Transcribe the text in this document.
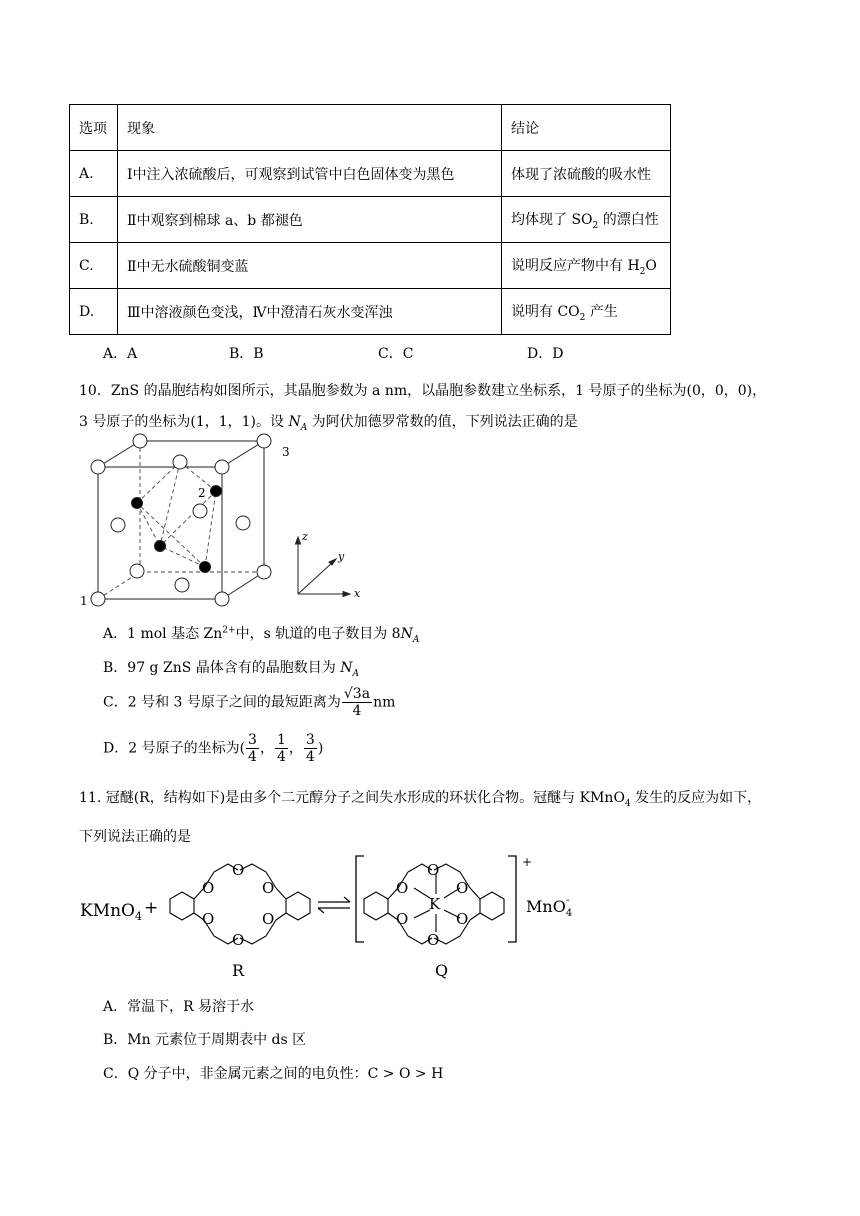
选项	现象	结论
A.	Ⅰ中注入浓硫酸后，可观察到试管中白色固体变为黑色	体现了浓硫酸的吸水性
B.	Ⅱ中观察到棉球 a、b 都褪色	均体现了 $SO_2$ 的漂白性
C.	Ⅱ中无水硫酸铜变蓝	说明反应产物中有 $H_2O$
D.	Ⅲ中溶液颜色变浅，Ⅳ中澄清石灰水变浑浊	说明有 $CO_2$ 产生
A．A	B．B	C．C	D．D
10．ZnS 的晶胞结构如图所示，其晶胞参数为 a nm，以晶胞参数建立坐标系，1 号原子的坐标为(0，0，0)，
3 号原子的坐标为(1，1，1)。设 $N_A$ 为阿伏加德罗常数的值，下列说法正确的是
1
2
3
z
y
x
A．1 mol 基态 $Zn^{2+}$中，s 轨道的电子数目为 $8N_A$
B．97 g ZnS 晶体含有的晶胞数目为 $N_A$
C．2 号和 3 号原子之间的最短距离为 $\frac{√3a}{4}$ nm
D．2 号原子的坐标为( $\frac{3}{4}$ ， $\frac{1}{4}$ ， $\frac{3}{4}$ )
11. 冠醚(R，结构如下)是由多个二元醇分子之间失水形成的环状化合物。冠醚与 KMnO$_4$ 发生的反应为如下，
下列说法正确的是
KMnO$_4$ +
O
O
O
O
O
O
R
O
O
O
O
O
O
K
+
MnO$_4$-
Q
A．常温下，R 易溶于水
B．Mn 元素位于周期表中 ds 区
C．Q 分子中，非金属元素之间的电负性：C > O > H
